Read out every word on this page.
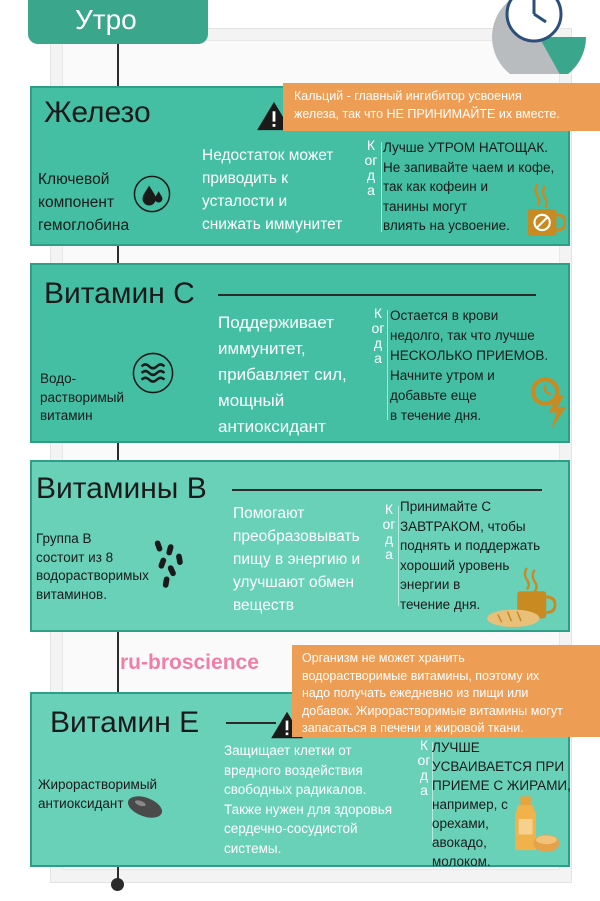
Утро
Железо	Кальций - главный ингибитор усвоения
железа, так что НЕ ПРИНИМАЙТЕ их вместе.
Ключевой
компонент
гемоглобина
Недостаток может
приводить к
усталости и
снижать иммунитет
Когда
Лучше УТРОМ НАТОЩАК.
Не запивайте чаем и кофе,
так как кофеин и
танины могут
влиять на усвоение.
Витамин С
Водо-
растворимый
витамин
Поддерживает
иммунитет,
прибавляет сил,
мощный
антиоксидант
Когда
Остается в крови
недолго, так что лучше
НЕСКОЛЬКО ПРИЕМОВ.
Начните утром и
добавьте еще
в течение дня.
Витамины В
Группа В
состоит из 8
водорастворимых
витаминов.
Помогают
преобразовывать
пищу в энергию и
улучшают обмен
веществ
Когда
Принимайте С
ЗАВТРАКОМ, чтобы
поднять и поддержать
хороший уровень
энергии в
течение дня.
ru-broscience
Витамин Е
Организм не может хранить
водорастворимые витамины, поэтому их
надо получать ежедневно из пищи или
добавок. Жирорастворимые витамины могут
запасаться в печени и жировой ткани.
Жирорастворимый
антиоксидант
Защищает клетки от
вредного воздействия
свободных радикалов.
Также нужен для здоровья
сердечно-сосудистой
системы.
Когда
ЛУЧШЕ
УСВАИВАЕТСЯ ПРИ
ПРИЕМЕ С ЖИРАМИ,
например, с
орехами,
авокадо,
молоком.
